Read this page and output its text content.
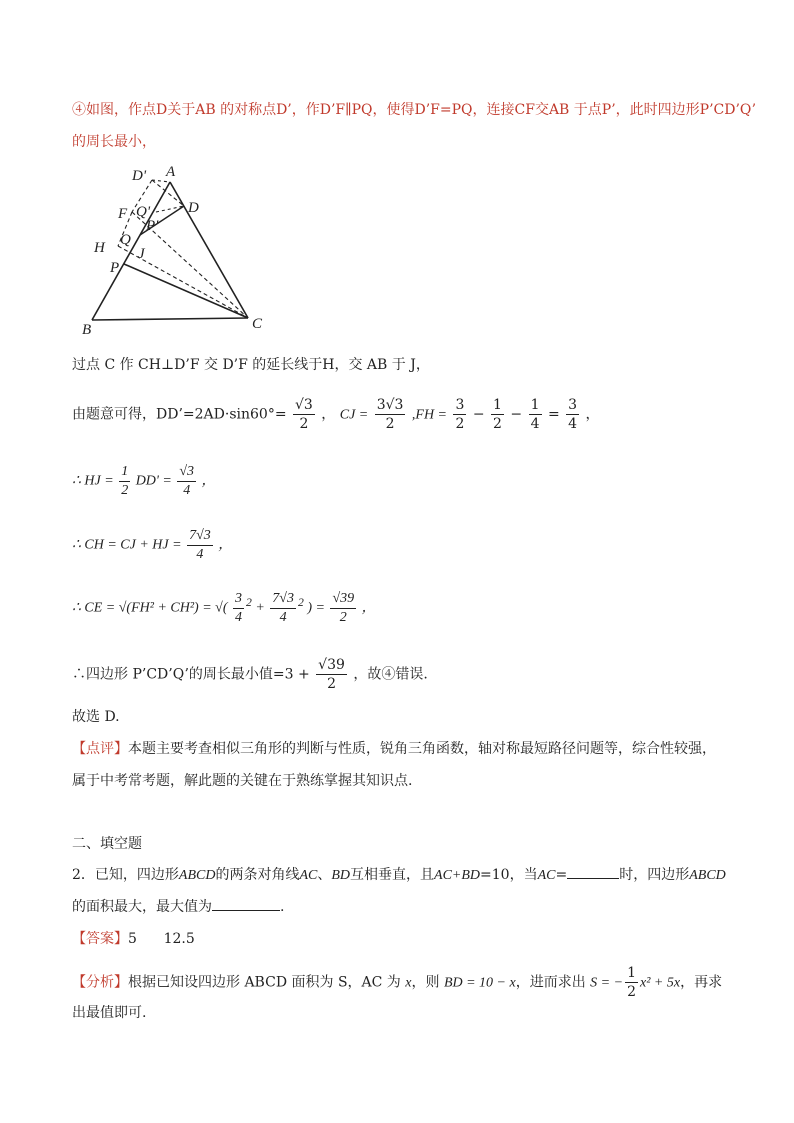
④如图，作点D关于AB 的对称点D’，作D’F∥PQ，使得D’F=PQ，连接CF交AB 于点P’，此时四边形P’CD’Q’
的周长最小，
D' A
D
F Q'
P'
H Q
J
P
B	C
过点 C 作 CH⊥D’F 交 D’F 的延长线于H，交 AB 于 J，
由题意可得，DD’=2AD·sin60°= $\frac{√3}{2}$ ， CJ = $\frac{3√3}{2} ,FH = \frac{3}{2} - \frac{1}{2} - \frac{1}{4} = \frac{3}{4}$ ，
∴ HJ = $\frac{1}{2} DD' = \frac{√3}{4}$ ，
∴ CH = CJ + HJ = $\frac{7√3}{4}$ ，
∴ CE = √(FH² + CH²) = √( $\frac{3}{4} ^2 + \frac{7√3}{4} ^2$ ) = $\frac{√39}{2}$ ，
∴四边形 P’CD’Q’的周长最小值$=3 + \frac{√39}{2}$ ，故④错误.
故选 D.
【点评】本题主要考查相似三角形的判断与性质，锐角三角函数，轴对称最短路径问题等，综合性较强，
属于中考常考题，解此题的关键在于熟练掌握其知识点.
二、填空题
2．已知，四边形ABCD的两条对角线AC、BD互相垂直，且AC+BD=10，当AC=	时，四边形ABCD
的面积最大，最大值为	.
【答案】5      12.5
【分析】根据已知设四边形 ABCD 面积为 S，AC 为 x，则 BD = 10 − x，进而求出 S = − $\frac{1}{2} x^2 + 5x$，再求
出最值即可.
